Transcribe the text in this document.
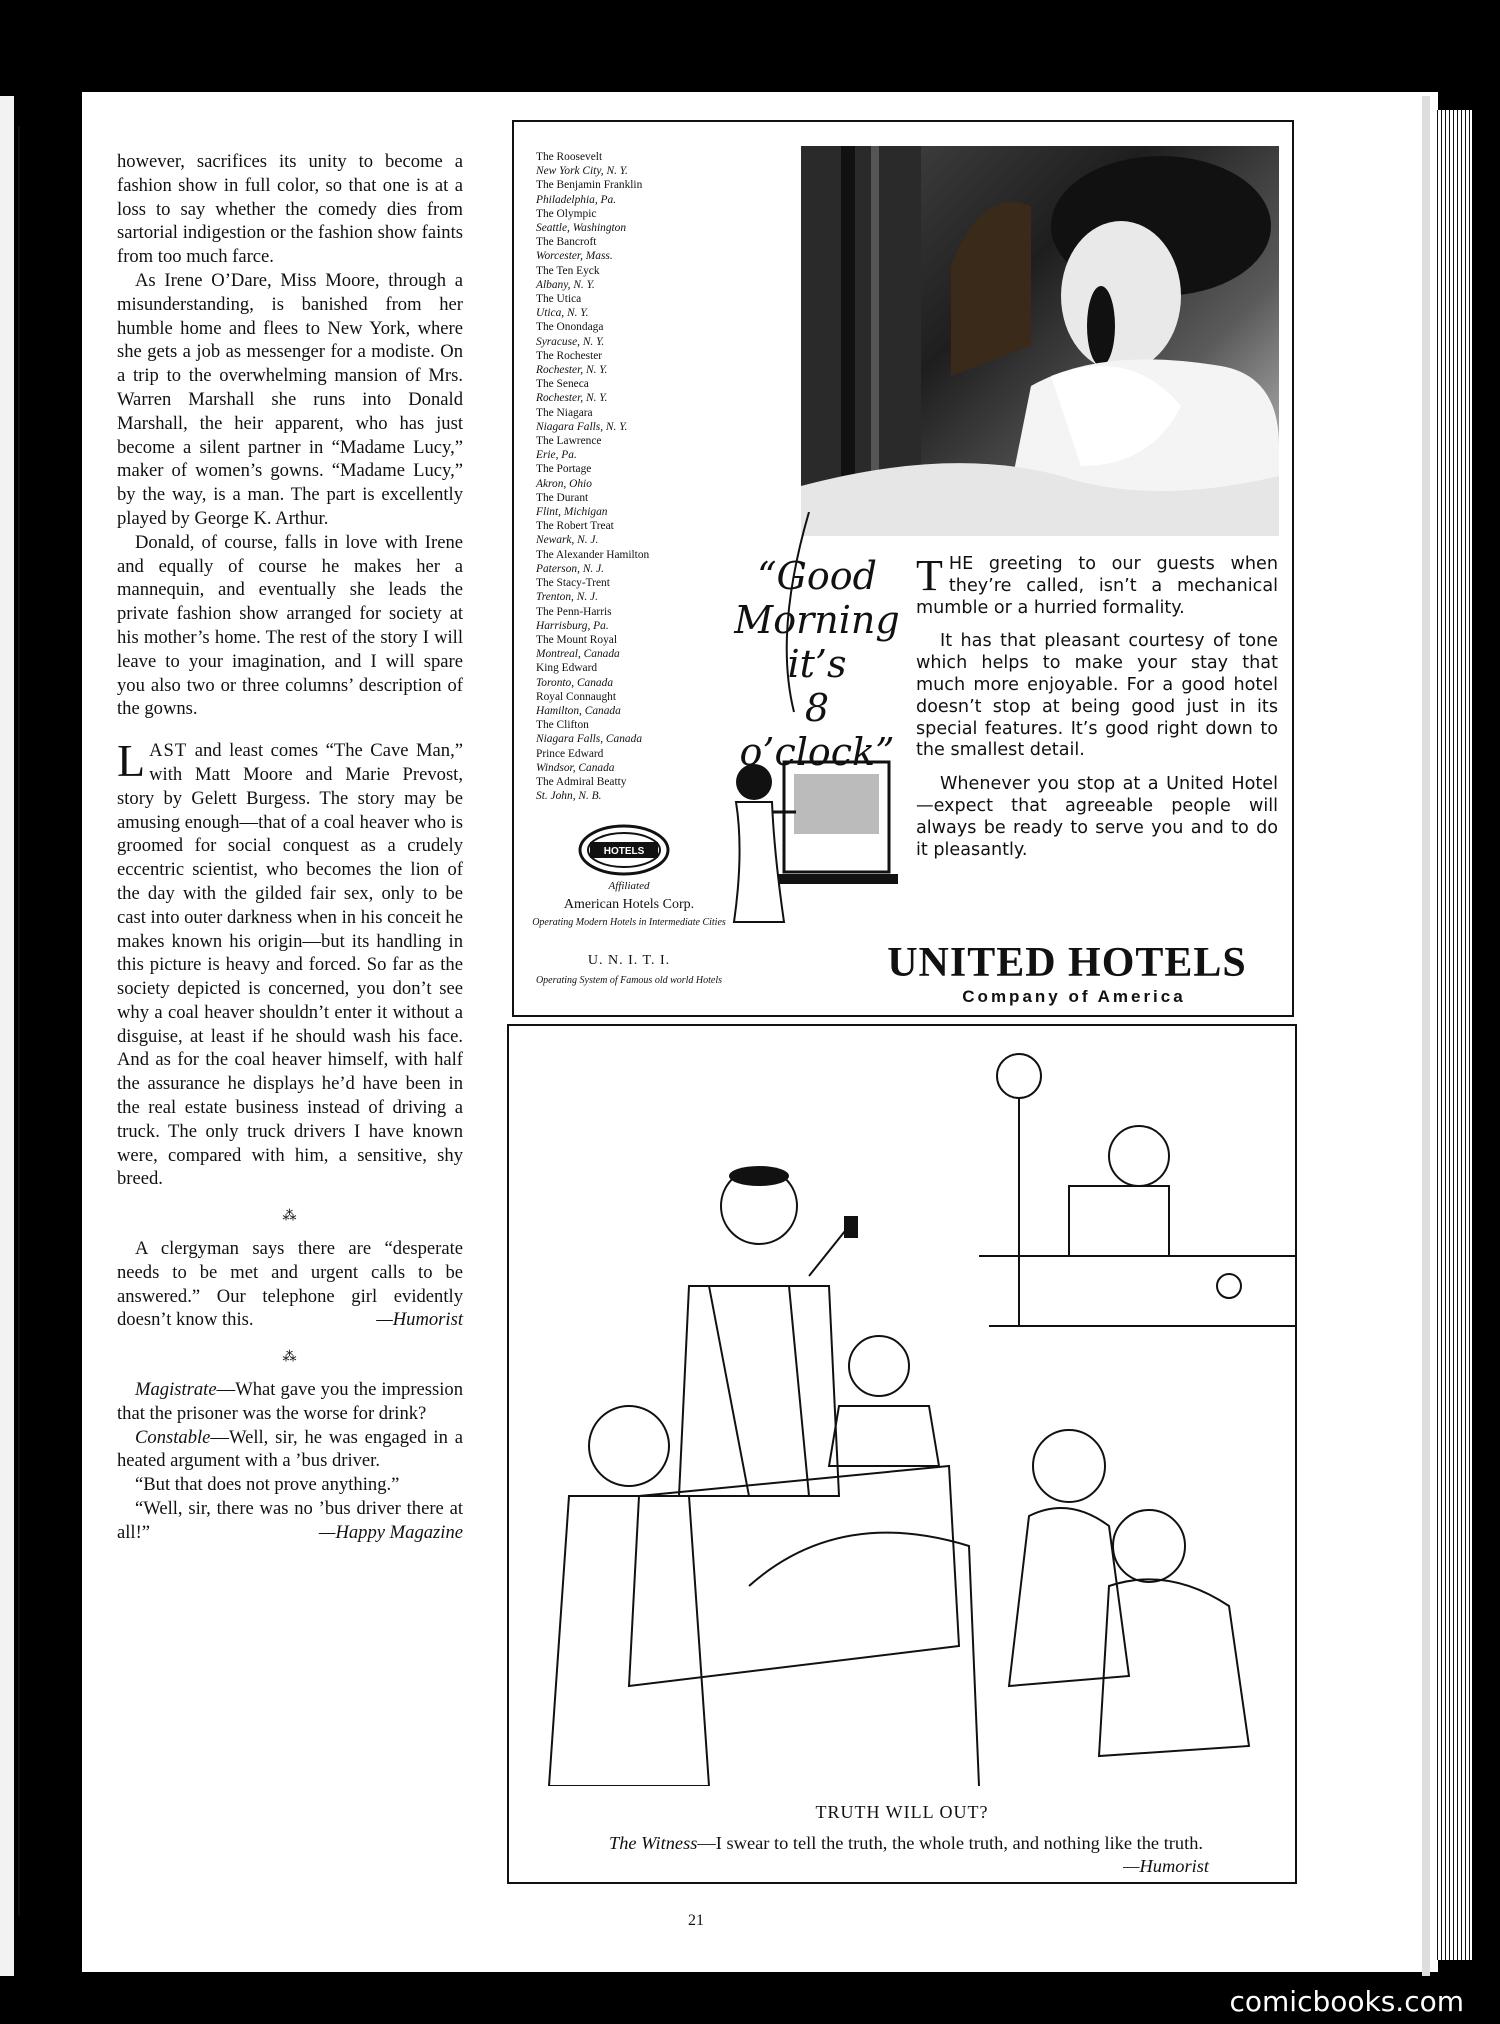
however, sacrifices its unity to become a fashion show in full color, so that one is at a loss to say whether the comedy dies from sartorial indigestion or the fashion show faints from too much farce.

As Irene O’Dare, Miss Moore, through a misunderstanding, is banished from her humble home and flees to New York, where she gets a job as messenger for a modiste. On a trip to the overwhelming mansion of Mrs. Warren Marshall she runs into Donald Marshall, the heir apparent, who has just become a silent partner in “Madame Lucy,” maker of women’s gowns. “Madame Lucy,” by the way, is a man. The part is excellently played by George K. Arthur.

Donald, of course, falls in love with Irene and equally of course he makes her a mannequin, and eventually she leads the private fashion show arranged for society at his mother’s home. The rest of the story I will leave to your imagination, and I will spare you also two or three columns’ description of the gowns.

LAST and least comes “The Cave Man,” with Matt Moore and Marie Prevost, story by Gelett Burgess. The story may be amusing enough—that of a coal heaver who is groomed for social conquest as a crudely eccentric scientist, who becomes the lion of the day with the gilded fair sex, only to be cast into outer darkness when in his conceit he makes known his origin—but its handling in this picture is heavy and forced. So far as the society depicted is concerned, you don’t see why a coal heaver shouldn’t enter it without a disguise, at least if he should wash his face. And as for the coal heaver himself, with half the assurance he displays he’d have been in the real estate business instead of driving a truck. The only truck drivers I have known were, compared with him, a sensitive, shy breed.

⁂

A clergyman says there are “desperate needs to be met and urgent calls to be answered.” Our telephone girl evidently doesn’t know this.	—Humorist

⁂

Magistrate—What gave you the impression that the prisoner was the worse for drink?

Constable—Well, sir, he was engaged in a heated argument with a ’bus driver.

“But that does not prove anything.”

“Well, sir, there was no ’bus driver there at all!”	—Happy Magazine

The Roosevelt
New York City, N. Y.
The Benjamin Franklin
Philadelphia, Pa.
The Olympic
Seattle, Washington
The Bancroft
Worcester, Mass.
The Ten Eyck
Albany, N. Y.
The Utica
Utica, N. Y.
The Onondaga
Syracuse, N. Y.
The Rochester
Rochester, N. Y.
The Seneca
Rochester, N. Y.
The Niagara
Niagara Falls, N. Y.
The Lawrence
Erie, Pa.
The Portage
Akron, Ohio
The Durant
Flint, Michigan
The Robert Treat
Newark, N. J.
The Alexander Hamilton
Paterson, N. J.
The Stacy-Trent
Trenton, N. J.
The Penn-Harris
Harrisburg, Pa.
The Mount Royal
Montreal, Canada
King Edward
Toronto, Canada
Royal Connaught
Hamilton, Canada
The Clifton
Niagara Falls, Canada
Prince Edward
Windsor, Canada
The Admiral Beatty
St. John, N. B.
“Good
Morning
it’s
8 o’clock”

THE greeting to our guests when they’re called, isn’t a mechanical mumble or a hurried formality.

It has that pleasant courtesy of tone which helps to make your stay that much more enjoyable. For a good hotel doesn’t stop at being good just in its special features. It’s good right down to the smallest detail.

Whenever you stop at a United Hotel—expect that agreeable people will always be ready to serve you and to do it pleasantly.

UNITED HOTELS
Company of America
HOTELS
Affiliated
American Hotels Corp.
Operating Modern Hotels in Intermediate Cities
U. N. I. T. I.
Operating System of Famous old world Hotels
TRUTH WILL OUT?
The Witness—I swear to tell the truth, the whole truth, and nothing like the truth.
—Humorist
21
comicbooks.com
